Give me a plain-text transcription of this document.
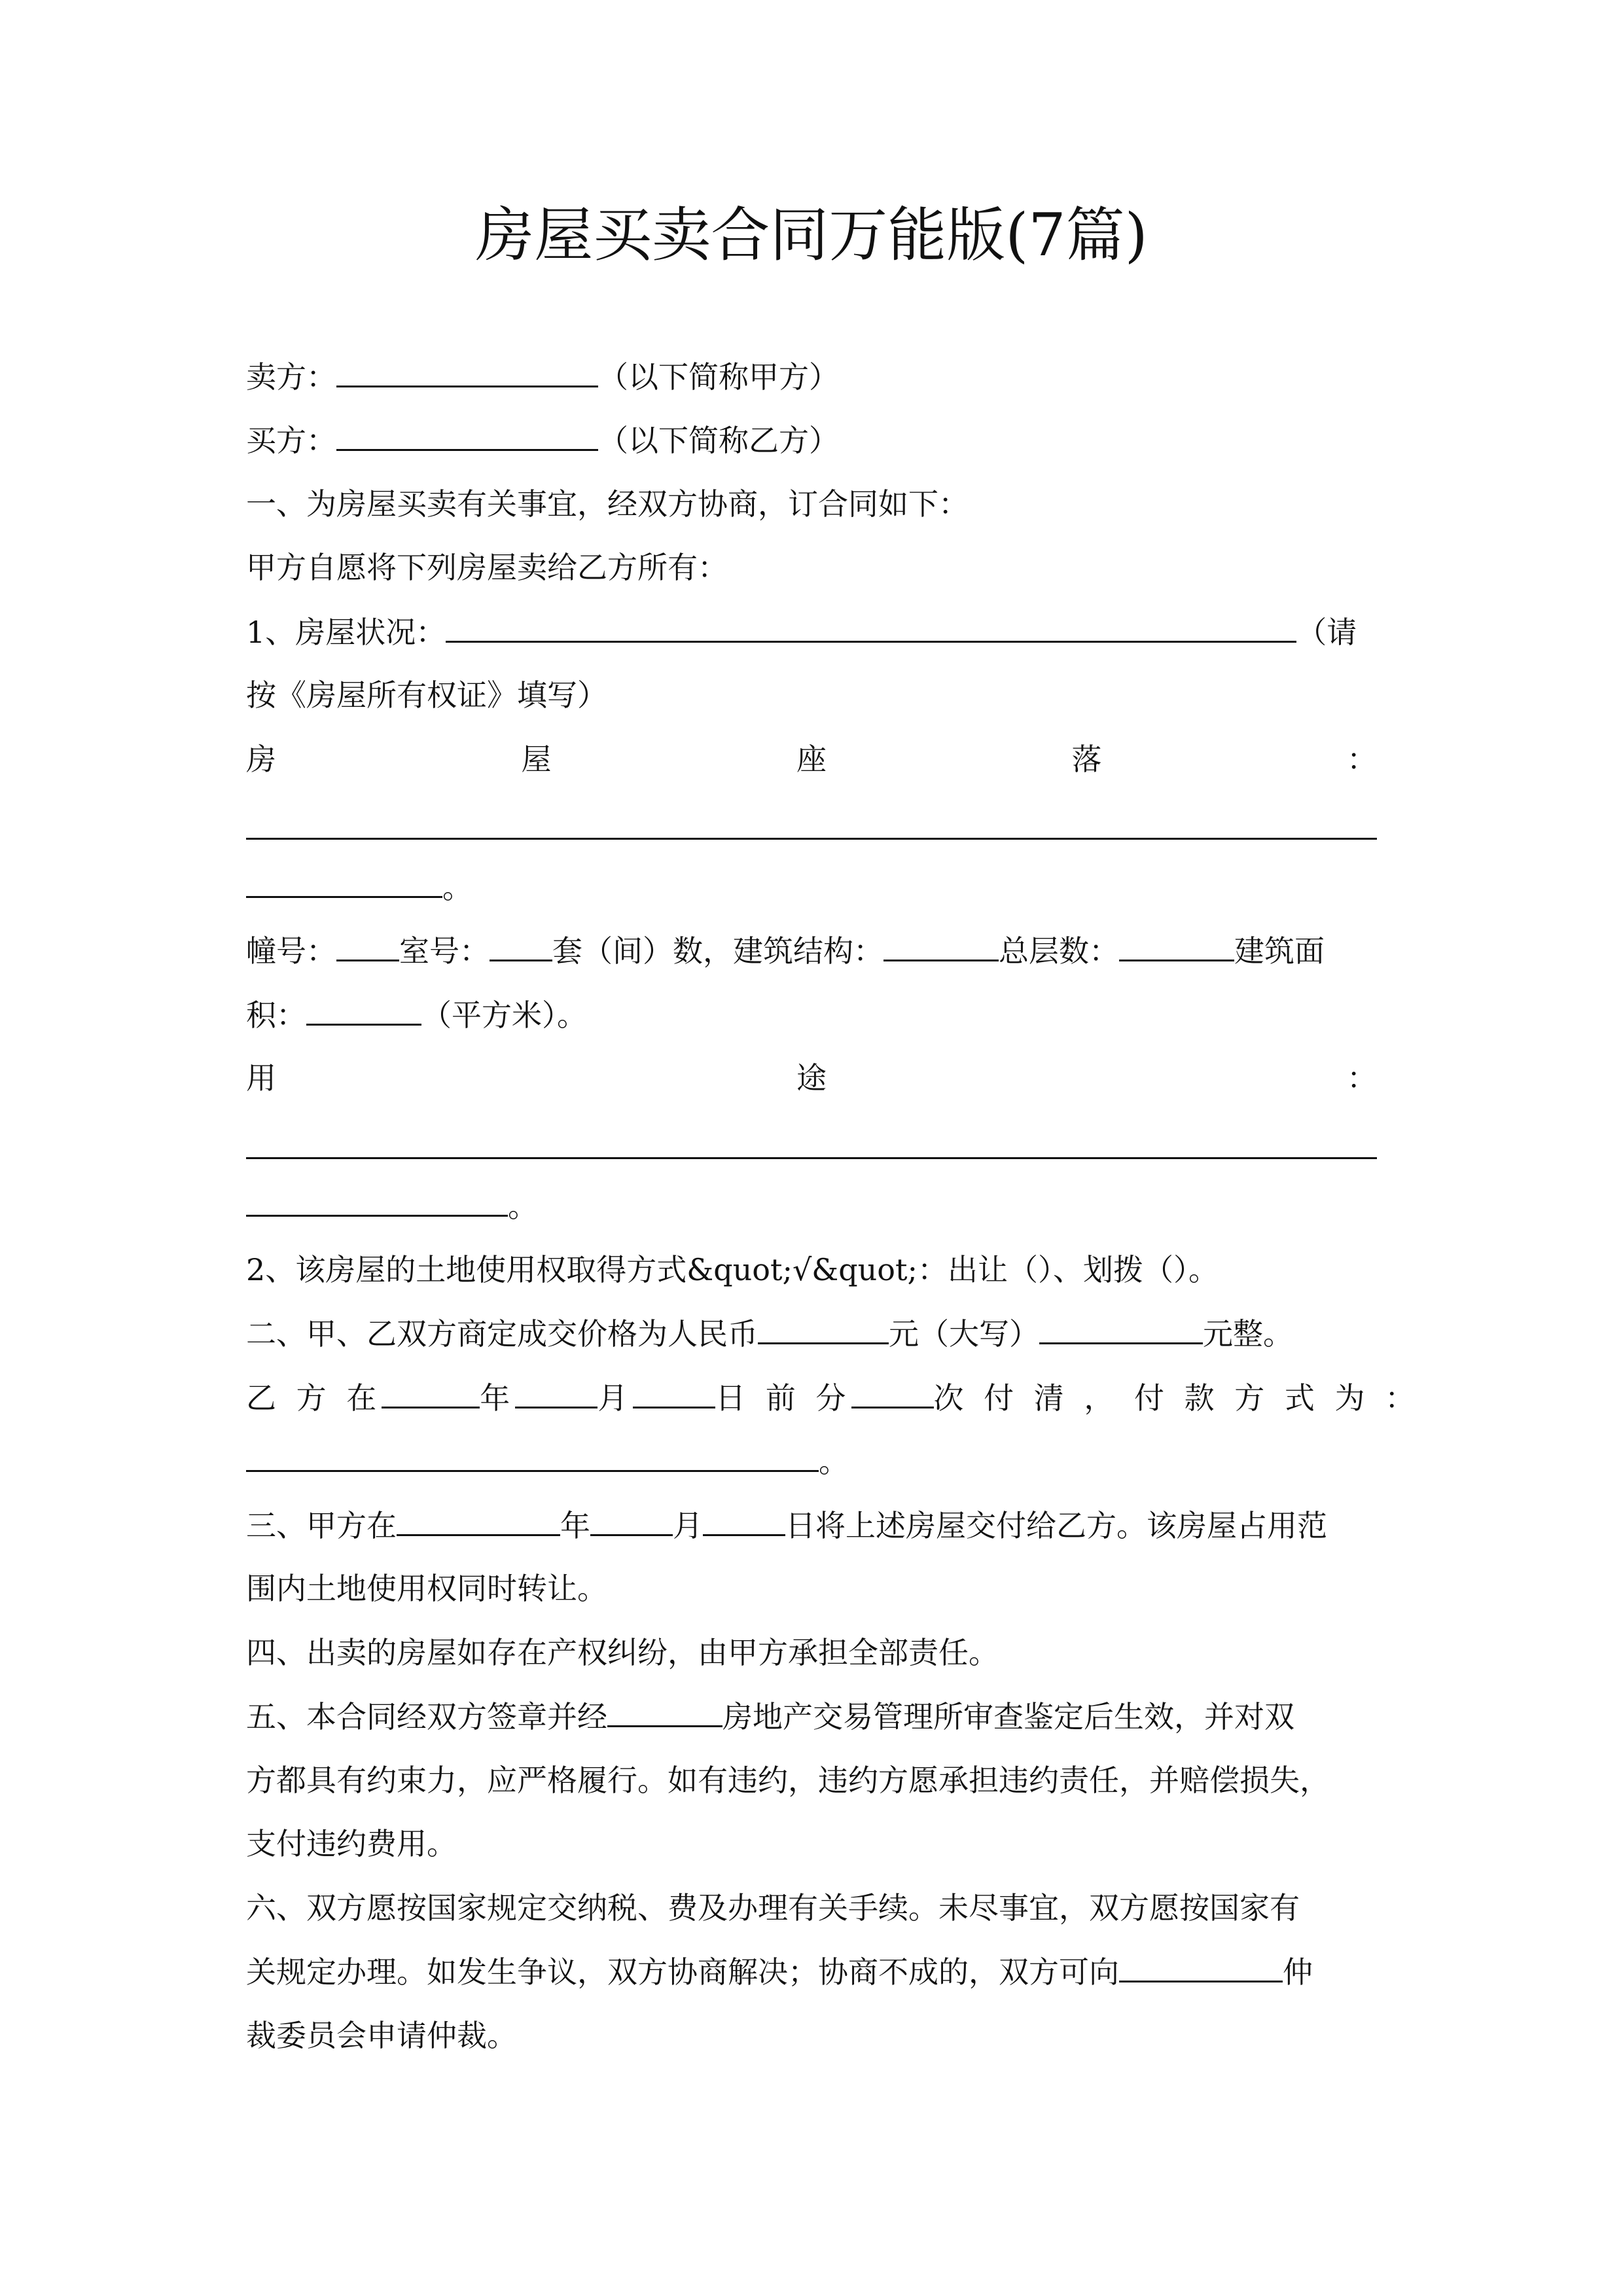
房屋买卖合同万能版(7篇)
卖方：	（以下简称甲方）
买方：	（以下简称乙方）
一、为房屋买卖有关事宜，经双方协商，订合同如下：
甲方自愿将下列房屋卖给乙方所有：
1、房屋状况：	（请
按《房屋所有权证》填写）
房	屋	座	落	：
。
幢号： 室号： 套（间）数，建筑结构：	总层数：	建筑面
积：	（平方米）。
用	途	：
。
2、该房屋的土地使用权取得方式&quot;√&quot;：出让（）、划拨（）。
二、甲、乙双方商定成交价格为人民币	元（大写）	元整。
乙 方 在	年	月	日 前 分	次 付 清 ， 付 款 方 式 为 ：
。
三、甲方在	年	月	日将上述房屋交付给乙方。该房屋占用范
围内土地使用权同时转让。
四、出卖的房屋如存在产权纠纷，由甲方承担全部责任。
五、本合同经双方签章并经	房地产交易管理所审查鉴定后生效，并对双
方都具有约束力，应严格履行。如有违约，违约方愿承担违约责任，并赔偿损失，
支付违约费用。
六、双方愿按国家规定交纳税、费及办理有关手续。未尽事宜，双方愿按国家有
关规定办理。如发生争议，双方协商解决；协商不成的，双方可向	仲
裁委员会申请仲裁。
